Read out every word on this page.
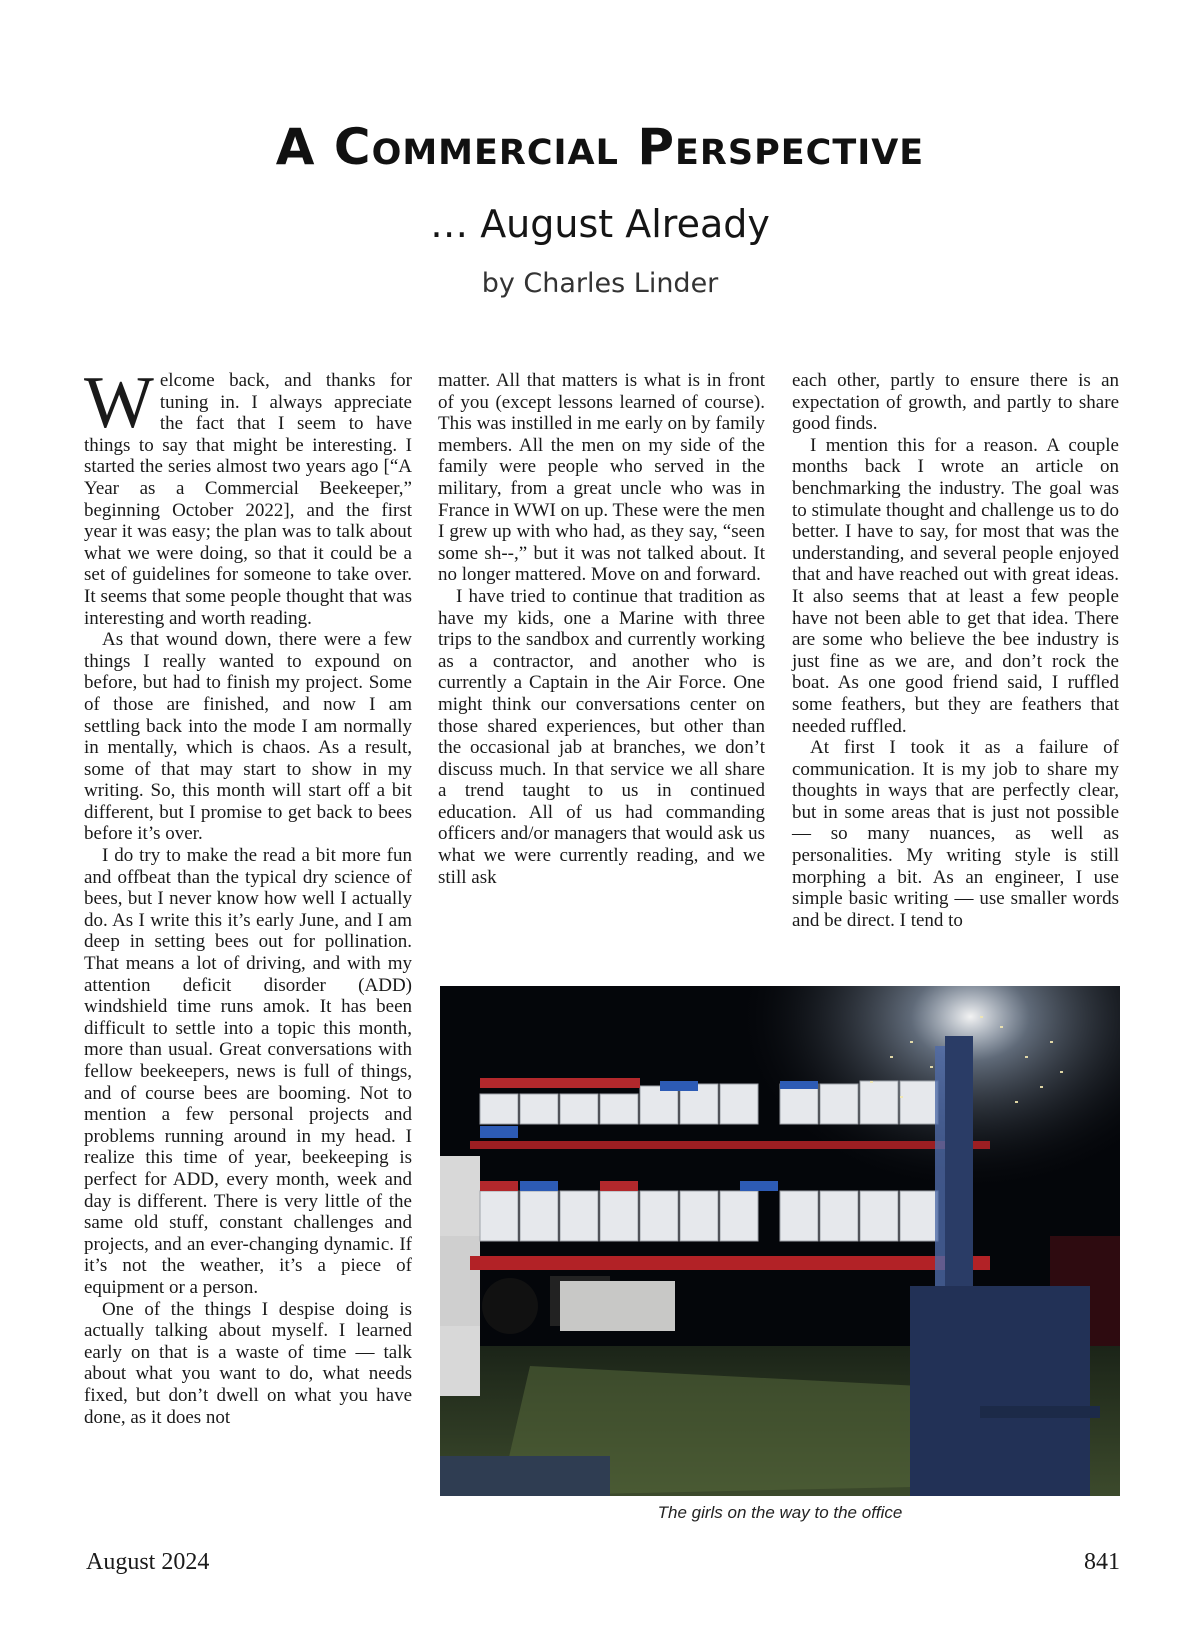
A Commercial Perspective
… August Already
by Charles Linder

Welcome back, and thanks for tuning in. I always appreciate the fact that I seem to have things to say that might be interesting. I started the series almost two years ago [“A Year as a Commercial Beekeeper,” beginning October 2022], and the first year it was easy; the plan was to talk about what we were doing, so that it could be a set of guidelines for someone to take over. It seems that some people thought that was interesting and worth reading.

As that wound down, there were a few things I really wanted to expound on before, but had to finish my project. Some of those are finished, and now I am settling back into the mode I am normally in mentally, which is chaos. As a result, some of that may start to show in my writing. So, this month will start off a bit different, but I promise to get back to bees before it’s over.

I do try to make the read a bit more fun and offbeat than the typical dry science of bees, but I never know how well I actually do. As I write this it’s early June, and I am deep in setting bees out for pollination. That means a lot of driving, and with my attention deficit disorder (ADD) windshield time runs amok. It has been difficult to settle into a topic this month, more than usual. Great conversations with fellow beekeepers, news is full of things, and of course bees are booming. Not to mention a few personal projects and problems running around in my head. I realize this time of year, beekeeping is perfect for ADD, every month, week and day is different. There is very little of the same old stuff, constant challenges and projects, and an ever-changing dynamic. If it’s not the weather, it’s a piece of equipment or a person.

One of the things I despise doing is actually talking about myself. I learned early on that is a waste of time — talk about what you want to do, what needs fixed, but don’t dwell on what you have done, as it does not

matter. All that matters is what is in front of you (except lessons learned of course). This was instilled in me early on by family members. All the men on my side of the family were people who served in the military, from a great uncle who was in France in WWI on up. These were the men I grew up with who had, as they say, “seen some sh--,” but it was not talked about. It no longer mattered. Move on and forward.

I have tried to continue that tradition as have my kids, one a Marine with three trips to the sandbox and currently working as a contractor, and another who is currently a Captain in the Air Force. One might think our conversations center on those shared experiences, but other than the occasional jab at branches, we don’t discuss much. In that service we all share a trend taught to us in continued education. All of us had commanding officers and/or managers that would ask us what we were currently reading, and we still ask

each other, partly to ensure there is an expectation of growth, and partly to share good finds.

I mention this for a reason. A couple months back I wrote an article on benchmarking the industry. The goal was to stimulate thought and challenge us to do better. I have to say, for most that was the understanding, and several people enjoyed that and have reached out with great ideas. It also seems that at least a few people have not been able to get that idea. There are some who believe the bee industry is just fine as we are, and don’t rock the boat. As one good friend said, I ruffled some feathers, but they are feathers that needed ruffled.

At first I took it as a failure of communication. It is my job to share my thoughts in ways that are perfectly clear, but in some areas that is just not possible — so many nuances, as well as personalities. My writing style is still morphing a bit. As an engineer, I use simple basic writing — use smaller words and be direct. I tend to

The girls on the way to the office
August 2024	841
